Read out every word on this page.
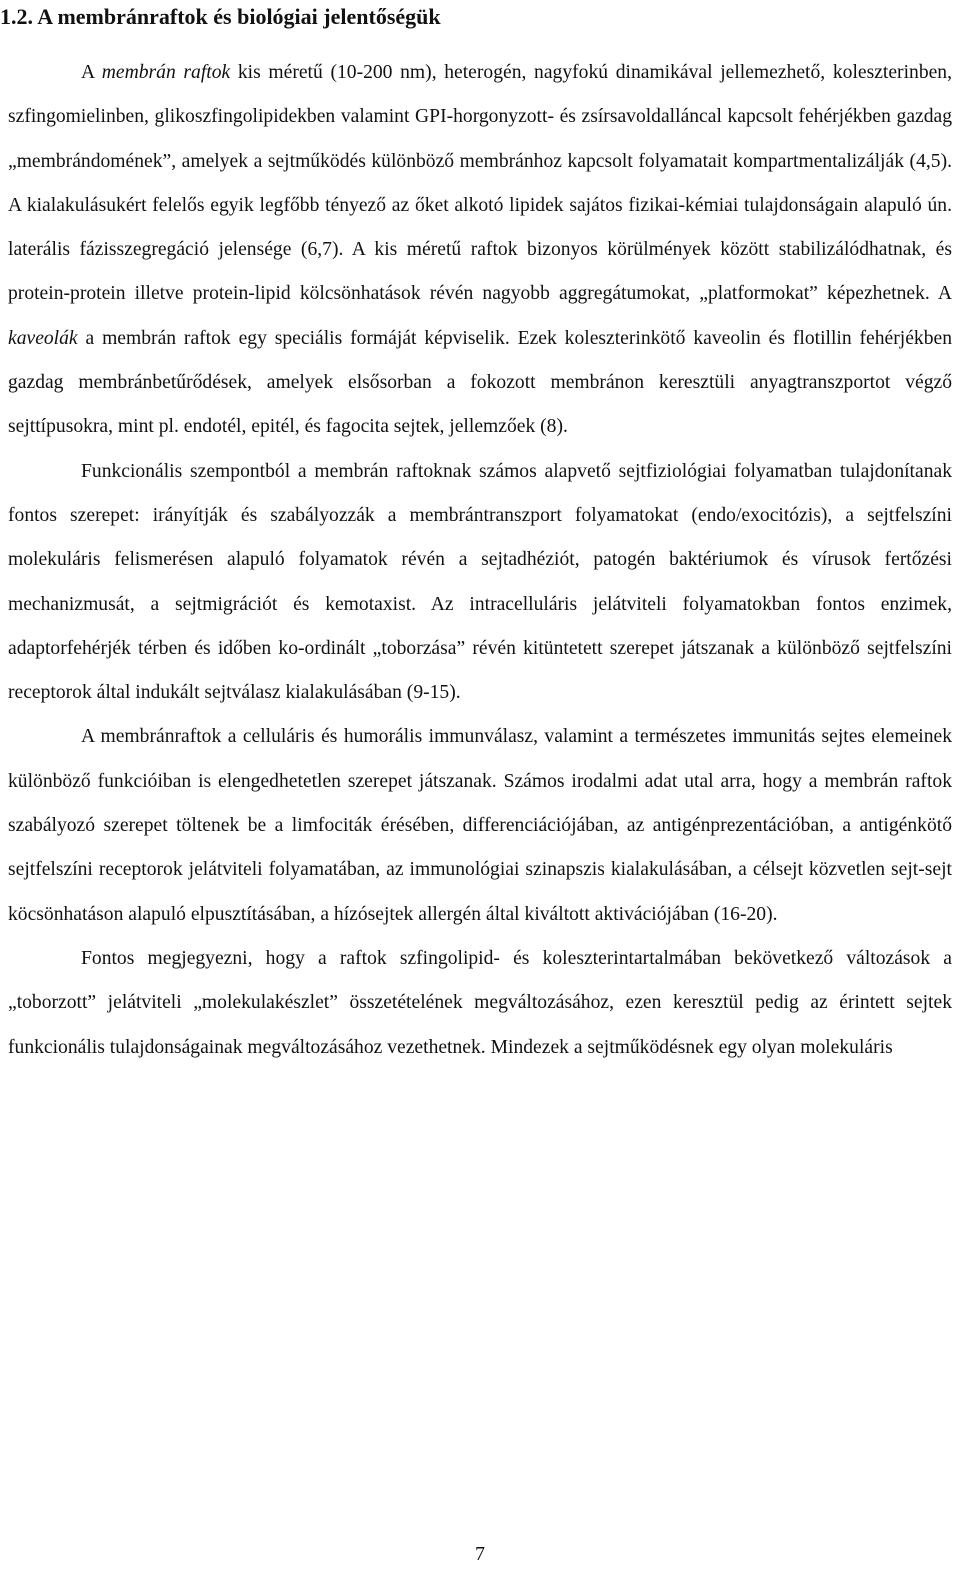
1.2. A membránraftok és biológiai jelentőségük

A membrán raftok kis méretű (10-200 nm), heterogén, nagyfokú dinamikával jellemezhető, koleszterinben, szfingomielinben, glikoszfingolipidekben valamint GPI-horgonyzott- és zsírsavoldalláncal kapcsolt fehérjékben gazdag „membrándomének”, amelyek a sejtműködés különböző membránhoz kapcsolt folyamatait kompartmentalizálják (4,5). A kialakulásukért felelős egyik legfőbb tényező az őket alkotó lipidek sajátos fizikai-kémiai tulajdonságain alapuló ún. laterális fázisszegregáció jelensége (6,7). A kis méretű raftok bizonyos körülmények között stabilizálódhatnak, és protein-protein illetve protein-lipid kölcsönhatások révén nagyobb aggregátumokat, „platformokat” képezhetnek. A kaveolák a membrán raftok egy speciális formáját képviselik. Ezek koleszterinkötő kaveolin és flotillin fehérjékben gazdag membránbetűrődések, amelyek elsősorban a fokozott membránon keresztüli anyagtranszportot végző sejttípusokra, mint pl. endotél, epitél, és fagocita sejtek, jellemzőek (8).

Funkcionális szempontból a membrán raftoknak számos alapvető sejtfiziológiai folyamatban tulajdonítanak fontos szerepet: irányítják és szabályozzák a membrántranszport folyamatokat (endo/exocitózis), a sejtfelszíni molekuláris felismerésen alapuló folyamatok révén a sejtadhéziót, patogén baktériumok és vírusok fertőzési mechanizmusát, a sejtmigrációt és kemotaxist. Az intracelluláris jelátviteli folyamatokban fontos enzimek, adaptorfehérjék térben és időben ko-ordinált „toborzása” révén kitüntetett szerepet játszanak a különböző sejtfelszíni receptorok által indukált sejtválasz kialakulásában (9-15).

A membránraftok a celluláris és humorális immunválasz, valamint a természetes immunitás sejtes elemeinek különböző funkcióiban is elengedhetetlen szerepet játszanak. Számos irodalmi adat utal arra, hogy a membrán raftok szabályozó szerepet töltenek be a limfociták érésében, differenciációjában, az antigénprezentációban, a antigénkötő sejtfelszíni receptorok jelátviteli folyamatában, az immunológiai szinapszis kialakulásában, a célsejt közvetlen sejt-sejt köcsönhatáson alapuló elpusztításában, a hízósejtek allergén által kiváltott aktivációjában (16-20).

Fontos megjegyezni, hogy a raftok szfingolipid- és koleszterintartalmában bekövetkező változások a „toborzott” jelátviteli „molekulakészlet” összetételének megváltozásához, ezen keresztül pedig az érintett sejtek funkcionális tulajdonságainak megváltozásához vezethetnek. Mindezek a sejtműködésnek egy olyan molekuláris

7
